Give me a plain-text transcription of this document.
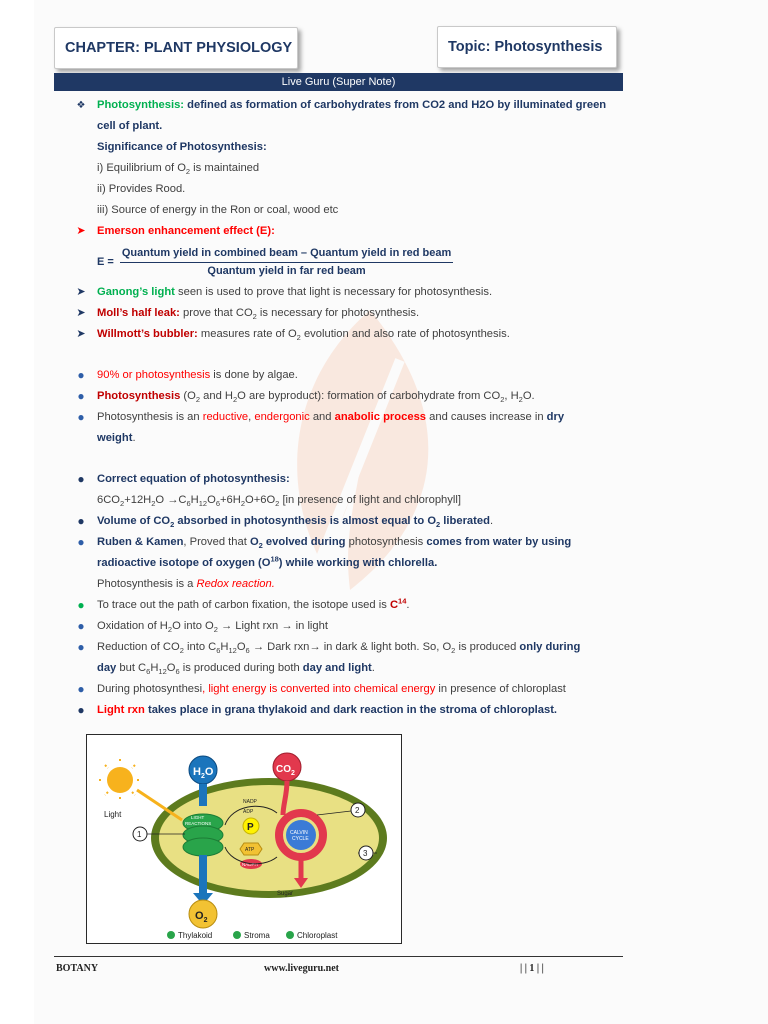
CHAPTER: PLANT PHYSIOLOGY	Topic: Photosynthesis
Live Guru (Super Note)
❖ Photosynthesis: defined as formation of carbohydrates from CO2 and H2O by illuminated green
cell of plant.
Significance of Photosynthesis:
i) Equilibrium of $O_2$ is maintained
ii) Provides Rood.
iii) Source of energy in the Ron or coal, wood etc
➤ Emerson enhancement effect (E):
$E = \frac{\text{Quantum yield in combined beam – Quantum yield in red beam}}{\text{Quantum yield in far red beam}}$
➤ Ganong’s light seen is used to prove that light is necessary for photosynthesis.
➤ Moll’s half leak: prove that $CO_2$ is necessary for photosynthesis.
➤ Willmott’s bubbler: measures rate of $O_2$ evolution and also rate of photosynthesis.
●	90% or photosynthesis is done by algae.
●	Photosynthesis ($O_2$ and $H_2O$ are byproduct): formation of carbohydrate from $CO_2$, $H_2O$.
●	Photosynthesis is an reductive, endergonic and anabolic process and causes increase in dry
weight.
●	Correct equation of photosynthesis:
$6CO_2+12H_2O \to C_6H_{12}O_6+6H_2O+6O_2$ [in presence of light and chlorophyll]
●	Volume of $CO_2$ absorbed in photosynthesis is almost equal to $O_2$ liberated.
●	Ruben & Kamen, Proved that $O_2$ evolved during photosynthesis comes from water by using
radioactive isotope of oxygen $(O^{18})$ while working with chlorella.
Photosynthesis is a Redox reaction.
●	To trace out the path of carbon fixation, the isotope used is $C^{14}$.
●	Oxidation of $H_2O$ into $O_2$ → Light rxn → in light
●	Reduction of $CO_2$ into $C_6H_{12}O_6$ → Dark rxn→ in dark & light both. So, $O_2$ is produced only during
day but $C_6H_{12}O_6$ is produced during both day and light.
●	During photosynthesi, light energy is converted into chemical energy in presence of chloroplast
●	Light rxn takes place in grana thylakoid and dark reaction in the stroma of chloroplast.
Light
$H_2O$
LIGHT
REACTIONS
$O_2$
$CO_2$
CALVIN
CYCLE
Sugar
NADP
ADP
P
ATP
NADPH
1
2
3
Thylakoid	Stroma	Chloroplast
BOTANY	www.liveguru.net	| | 1 | |
